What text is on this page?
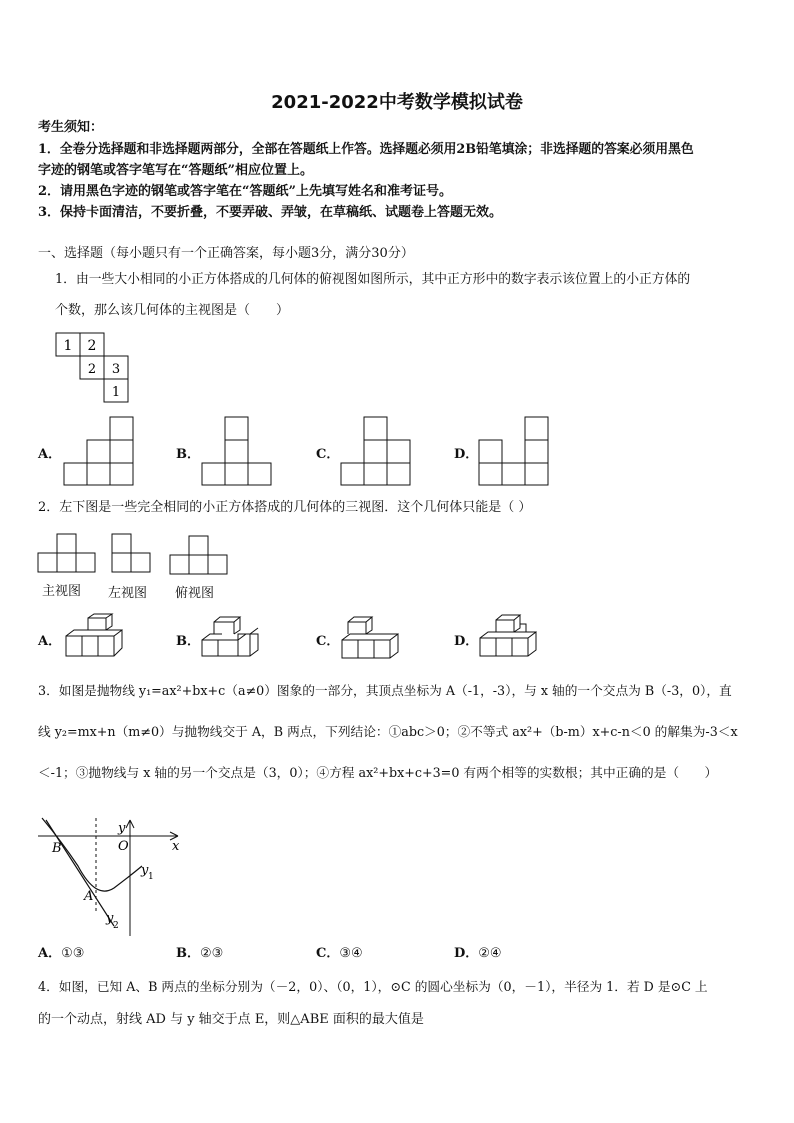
2021-2022中考数学模拟试卷
考生须知：
1．全卷分选择题和非选择题两部分，全部在答题纸上作答。选择题必须用2B铅笔填涂；非选择题的答案必须用黑色
字迹的钢笔或答字笔写在“答题纸”相应位置上。
2．请用黑色字迹的钢笔或答字笔在“答题纸”上先填写姓名和准考证号。
3．保持卡面清洁，不要折叠，不要弄破、弄皱，在草稿纸、试题卷上答题无效。
一、选择题（每小题只有一个正确答案，每小题3分，满分30分）
1．由一些大小相同的小正方体搭成的几何体的俯视图如图所示，其中正方形中的数字表示该位置上的小正方体的
个数，那么该几何体的主视图是（　　）
1 2
2 3
1
A．	B．	C．	D．
2．左下图是一些完全相同的小正方体搭成的几何体的三视图．这个几何体只能是（ ）
主视图 左视图 俯视图
A．	B．	C．	D．
3．如图是抛物线 y₁=ax²+bx+c（a≠0）图象的一部分，其顶点坐标为 A（-1，-3），与 x 轴的一个交点为 B（-3，0），直
线 y₂=mx+n（m≠0）与抛物线交于 A，B 两点，下列结论：①abc＞0；②不等式 ax²+（b-m）x+c-n＜0 的解集为-3＜x
＜-1；③抛物线与 x 轴的另一个交点是（3，0）；④方程 ax²+bx+c+3=0 有两个相等的实数根；其中正确的是（　　）
y
x
O
B
A
y 1
y 2
A．①③	B．②③	C．③④	D．②④
4．如图，已知 A、B 两点的坐标分别为（－2，0）、（0，1），⊙C 的圆心坐标为（0，－1），半径为 1．若 D 是⊙C 上
的一个动点，射线 AD 与 y 轴交于点 E，则△ABE 面积的最大值是
